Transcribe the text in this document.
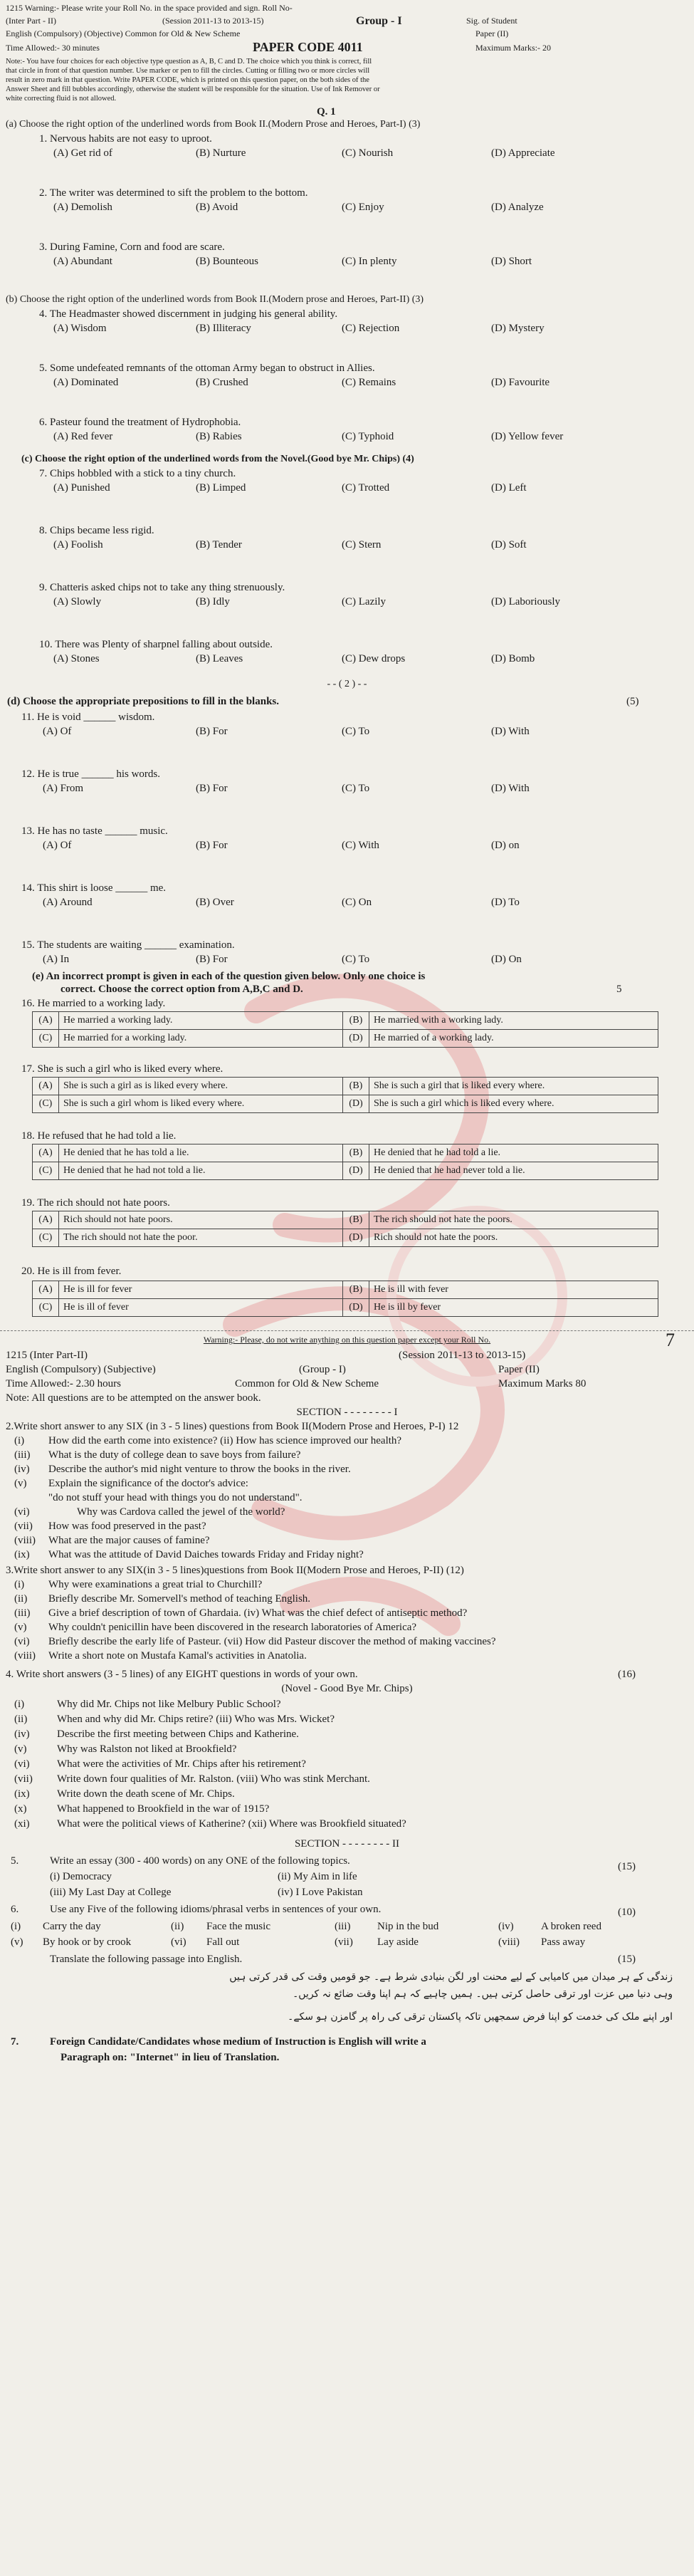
1215 Warning:- Please write your Roll No. in the space provided and sign. Roll No-
(Inter Part - II)	(Session 2011-13 to 2013-15)	Group - I	Sig. of Student
English (Compulsory) (Objective) Common for Old & New Scheme	Paper (II)
Time Allowed:- 30 minutes	PAPER CODE 4011	Maximum Marks:- 20
Note:- You have four choices for each objective type question as A, B, C and D. The choice which you think is correct, fill
that circle in front of that question number. Use marker or pen to fill the circles. Cutting or filling two or more circles will
result in zero mark in that question. Write PAPER CODE, which is printed on this question paper, on the both sides of the
Answer Sheet and fill bubbles accordingly, otherwise the student will be responsible for the situation. Use of Ink Remover or
white correcting fluid is not allowed.
Q. 1
(a) Choose the right option of the underlined words from Book II.(Modern Prose and Heroes, Part-I) (3)
1. Nervous habits are not easy to uproot.
(A) Get rid of	(B) Nurture	(C) Nourish	(D) Appreciate
2. The writer was determined to sift the problem to the bottom.
(A) Demolish	(B) Avoid	(C) Enjoy	(D) Analyze
3. During Famine, Corn and food are scare.
(A) Abundant	(B) Bounteous	(C) In plenty	(D) Short
(b) Choose the right option of the underlined words from Book II.(Modern prose and Heroes, Part-II) (3)
4. The Headmaster showed discernment in judging his general ability.
(A) Wisdom	(B) Illiteracy	(C) Rejection	(D) Mystery
5. Some undefeated remnants of the ottoman Army began to obstruct in Allies.
(A) Dominated	(B) Crushed	(C) Remains	(D) Favourite
6. Pasteur found the treatment of Hydrophobia.
(A) Red fever	(B) Rabies	(C) Typhoid	(D) Yellow fever
(c) Choose the right option of the underlined words from the Novel.(Good bye Mr. Chips) (4)
7. Chips hobbled with a stick to a tiny church.
(A) Punished	(B) Limped	(C) Trotted	(D) Left
8. Chips became less rigid.
(A) Foolish	(B) Tender	(C) Stern	(D) Soft
9. Chatteris asked chips not to take any thing strenuously.
(A) Slowly	(B) Idly	(C) Lazily	(D) Laboriously
10. There was Plenty of sharpnel falling about outside.
(A) Stones	(B) Leaves	(C) Dew drops	(D) Bomb
- - ( 2 ) - -
(d) Choose the appropriate prepositions to fill in the blanks.	(5)
11. He is void ______ wisdom.
(A) Of	(B) For	(C) To	(D) With
12. He is true ______ his words.
(A) From	(B) For	(C) To	(D) With
13. He has no taste ______ music.
(A) Of	(B) For	(C) With	(D) on
14. This shirt is loose ______ me.
(A) Around	(B) Over	(C) On	(D) To
15. The students are waiting ______ examination.
(A) In	(B) For	(C) To	(D) On
(e) An incorrect prompt is given in each of the question given below. Only one choice is
correct. Choose the correct option from A,B,C and D.	5
16. He married to a working lady.
(A)	He married a working lady.	(B)	He married with a working lady.
(C)	He married for a working lady.	(D)	He married of a working lady.
17. She is such a girl who is liked every where.
(A)	She is such a girl as is liked every where.	(B)	She is such a girl that is liked every where.
(C)	She is such a girl whom is liked every where.	(D)	She is such a girl which is liked every where.
18. He refused that he had told a lie.
(A)	He denied that he has told a lie.	(B)	He denied that he had told a lie.
(C)	He denied that he had not told a lie.	(D)	He denied that he had never told a lie.
19. The rich should not hate poors.
(A)	Rich should not hate poors.	(B)	The rich should not hate the poors.
(C)	The rich should not hate the poor.	(D)	Rich should not hate the poors.
20. He is ill from fever.
(A)	He is ill for fever	(B)	He is ill with fever
(C)	He is ill of fever	(D)	He is ill by fever
Warning:- Please, do not write anything on this question paper except your Roll No.	7
1215 (Inter Part-II)	(Session 2011-13 to 2013-15)
English (Compulsory) (Subjective)	(Group - I)	Paper (II)
Time Allowed:- 2.30 hours	Common for Old & New Scheme	Maximum Marks 80
Note: All questions are to be attempted on the answer book.
SECTION - - - - - - - - I
2.Write short answer to any SIX (in 3 - 5 lines) questions from Book II(Modern Prose and Heroes, P-I) 12
(i) How did the earth come into existence? (ii) How has science improved our health?
(iii) What is the duty of college dean to save boys from failure?
(iv) Describe the author's mid night venture to throw the books in the river.
(v) Explain the significance of the doctor's advice:
"do not stuff your head with things you do not understand".
(vi)	Why was Cardova called the jewel of the world?
(vii) How was food preserved in the past?
(viii) What are the major causes of famine?
(ix) What was the attitude of David Daiches towards Friday and Friday night?
3.Write short answer to any SIX(in 3 - 5 lines)questions from Book II(Modern Prose and Heroes, P-II) (12)
(i) Why were examinations a great trial to Churchill?
(ii) Briefly describe Mr. Somervell's method of teaching English.
(iii) Give a brief description of town of Ghardaia. (iv) What was the chief defect of antiseptic method?
(v) Why couldn't penicillin have been discovered in the research laboratories of America?
(vi) Briefly describe the early life of Pasteur. (vii) How did Pasteur discover the method of making vaccines?
(viii) Write a short note on Mustafa Kamal's activities in Anatolia.
4. Write short answers (3 - 5 lines) of any EIGHT questions in words of your own.	(16)
(Novel - Good Bye Mr. Chips)
(i)	Why did Mr. Chips not like Melbury Public School?
(ii)	When and why did Mr. Chips retire? (iii) Who was Mrs. Wicket?
(iv)	Describe the first meeting between Chips and Katherine.
(v)	Why was Ralston not liked at Brookfield?
(vi)	What were the activities of Mr. Chips after his retirement?
(vii) Write down four qualities of Mr. Ralston. (viii) Who was stink Merchant.
(ix)	Write down the death scene of Mr. Chips.
(x)	What happened to Brookfield in the war of 1915?
(xi)	What were the political views of Katherine? (xii) Where was Brookfield situated?
SECTION - - - - - - - - II
5.	Write an essay (300 - 400 words) on any ONE of the following topics.	(15)
(i) Democracy	(ii) My Aim in life
(iii) My Last Day at College	(iv) I Love Pakistan
6.	Use any Five of the following idioms/phrasal verbs in sentences of your own.	(10)
(i) Carry the day	(ii) Face the music	(iii)	Nip in the bud	(iv)	A broken reed
(v) By hook or by crook	(vi) Fall out	(vii) Lay aside	(viii) Pass away
Translate the following passage into English.	(15)
زندگی کے ہر میدان میں کامیابی کے لیے محنت اور لگن بنیادی شرط ہے۔ جو قومیں وقت کی قدر کرتی ہیں
وہی دنیا میں عزت اور ترقی حاصل کرتی ہیں۔ ہمیں چاہیے کہ ہم اپنا وقت ضائع نہ کریں۔
اور اپنے ملک کی خدمت کو اپنا فرض سمجھیں تاکہ پاکستان ترقی کی راہ پر گامزن ہو سکے۔
7.	Foreign Candidate/Candidates whose medium of Instruction is English will write a
Paragraph on: "Internet" in lieu of Translation.
